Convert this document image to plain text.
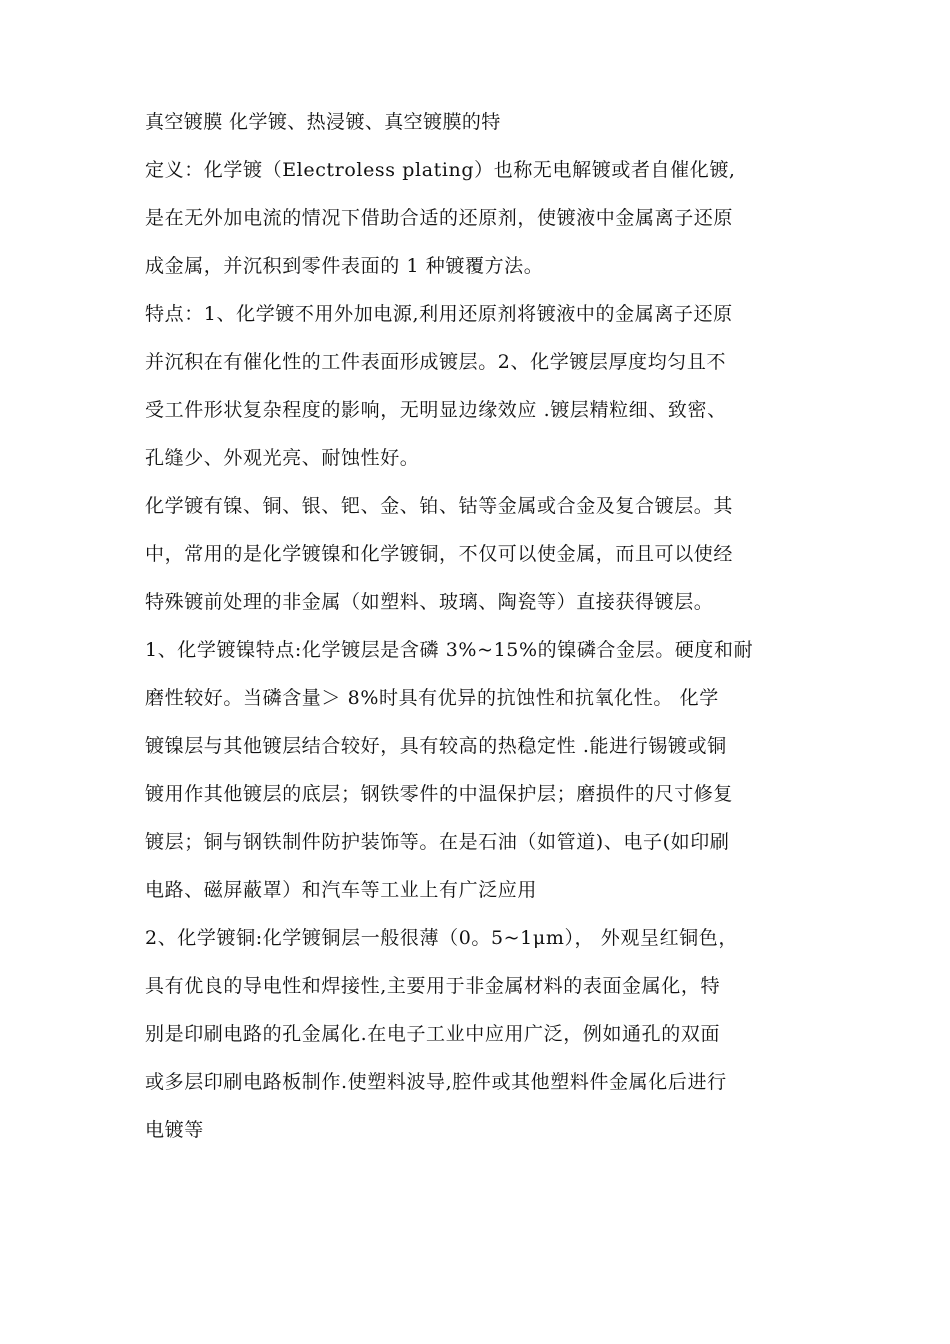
真空镀膜 化学镀、热浸镀、真空镀膜的特
定义：化学镀（Electroless plating）也称无电解镀或者自催化镀,
是在无外加电流的情况下借助合适的还原剂，使镀液中金属离子还原
成金属，并沉积到零件表面的 1 种镀覆方法。
特点：1、化学镀不用外加电源,利用还原剂将镀液中的金属离子还原
并沉积在有催化性的工件表面形成镀层。2、化学镀层厚度均匀且不
受工件形状复杂程度的影响，无明显边缘效应 .镀层精粒细、致密、
孔缝少、外观光亮、耐蚀性好。
化学镀有镍、铜、银、钯、金、铂、钴等金属或合金及复合镀层。其
中，常用的是化学镀镍和化学镀铜，不仅可以使金属，而且可以使经
特殊镀前处理的非金属（如塑料、玻璃、陶瓷等）直接获得镀层。
1、化学镀镍特点:化学镀层是含磷 3%~15%的镍磷合金层。硬度和耐
磨性较好。当磷含量＞ 8%时具有优异的抗蚀性和抗氧化性。 化学
镀镍层与其他镀层结合较好，具有较高的热稳定性 .能进行锡镀或铜
镀用作其他镀层的底层；钢铁零件的中温保护层；磨损件的尺寸修复
镀层；铜与钢铁制件防护装饰等。在是石油（如管道)、电子(如印刷
电路、磁屏蔽罩）和汽车等工业上有广泛应用
2、化学镀铜:化学镀铜层一般很薄（0。5~1μm）， 外观呈红铜色，
具有优良的导电性和焊接性,主要用于非金属材料的表面金属化，特
别是印刷电路的孔金属化.在电子工业中应用广泛，例如通孔的双面
或多层印刷电路板制作.使塑料波导,腔件或其他塑料件金属化后进行
电镀等
